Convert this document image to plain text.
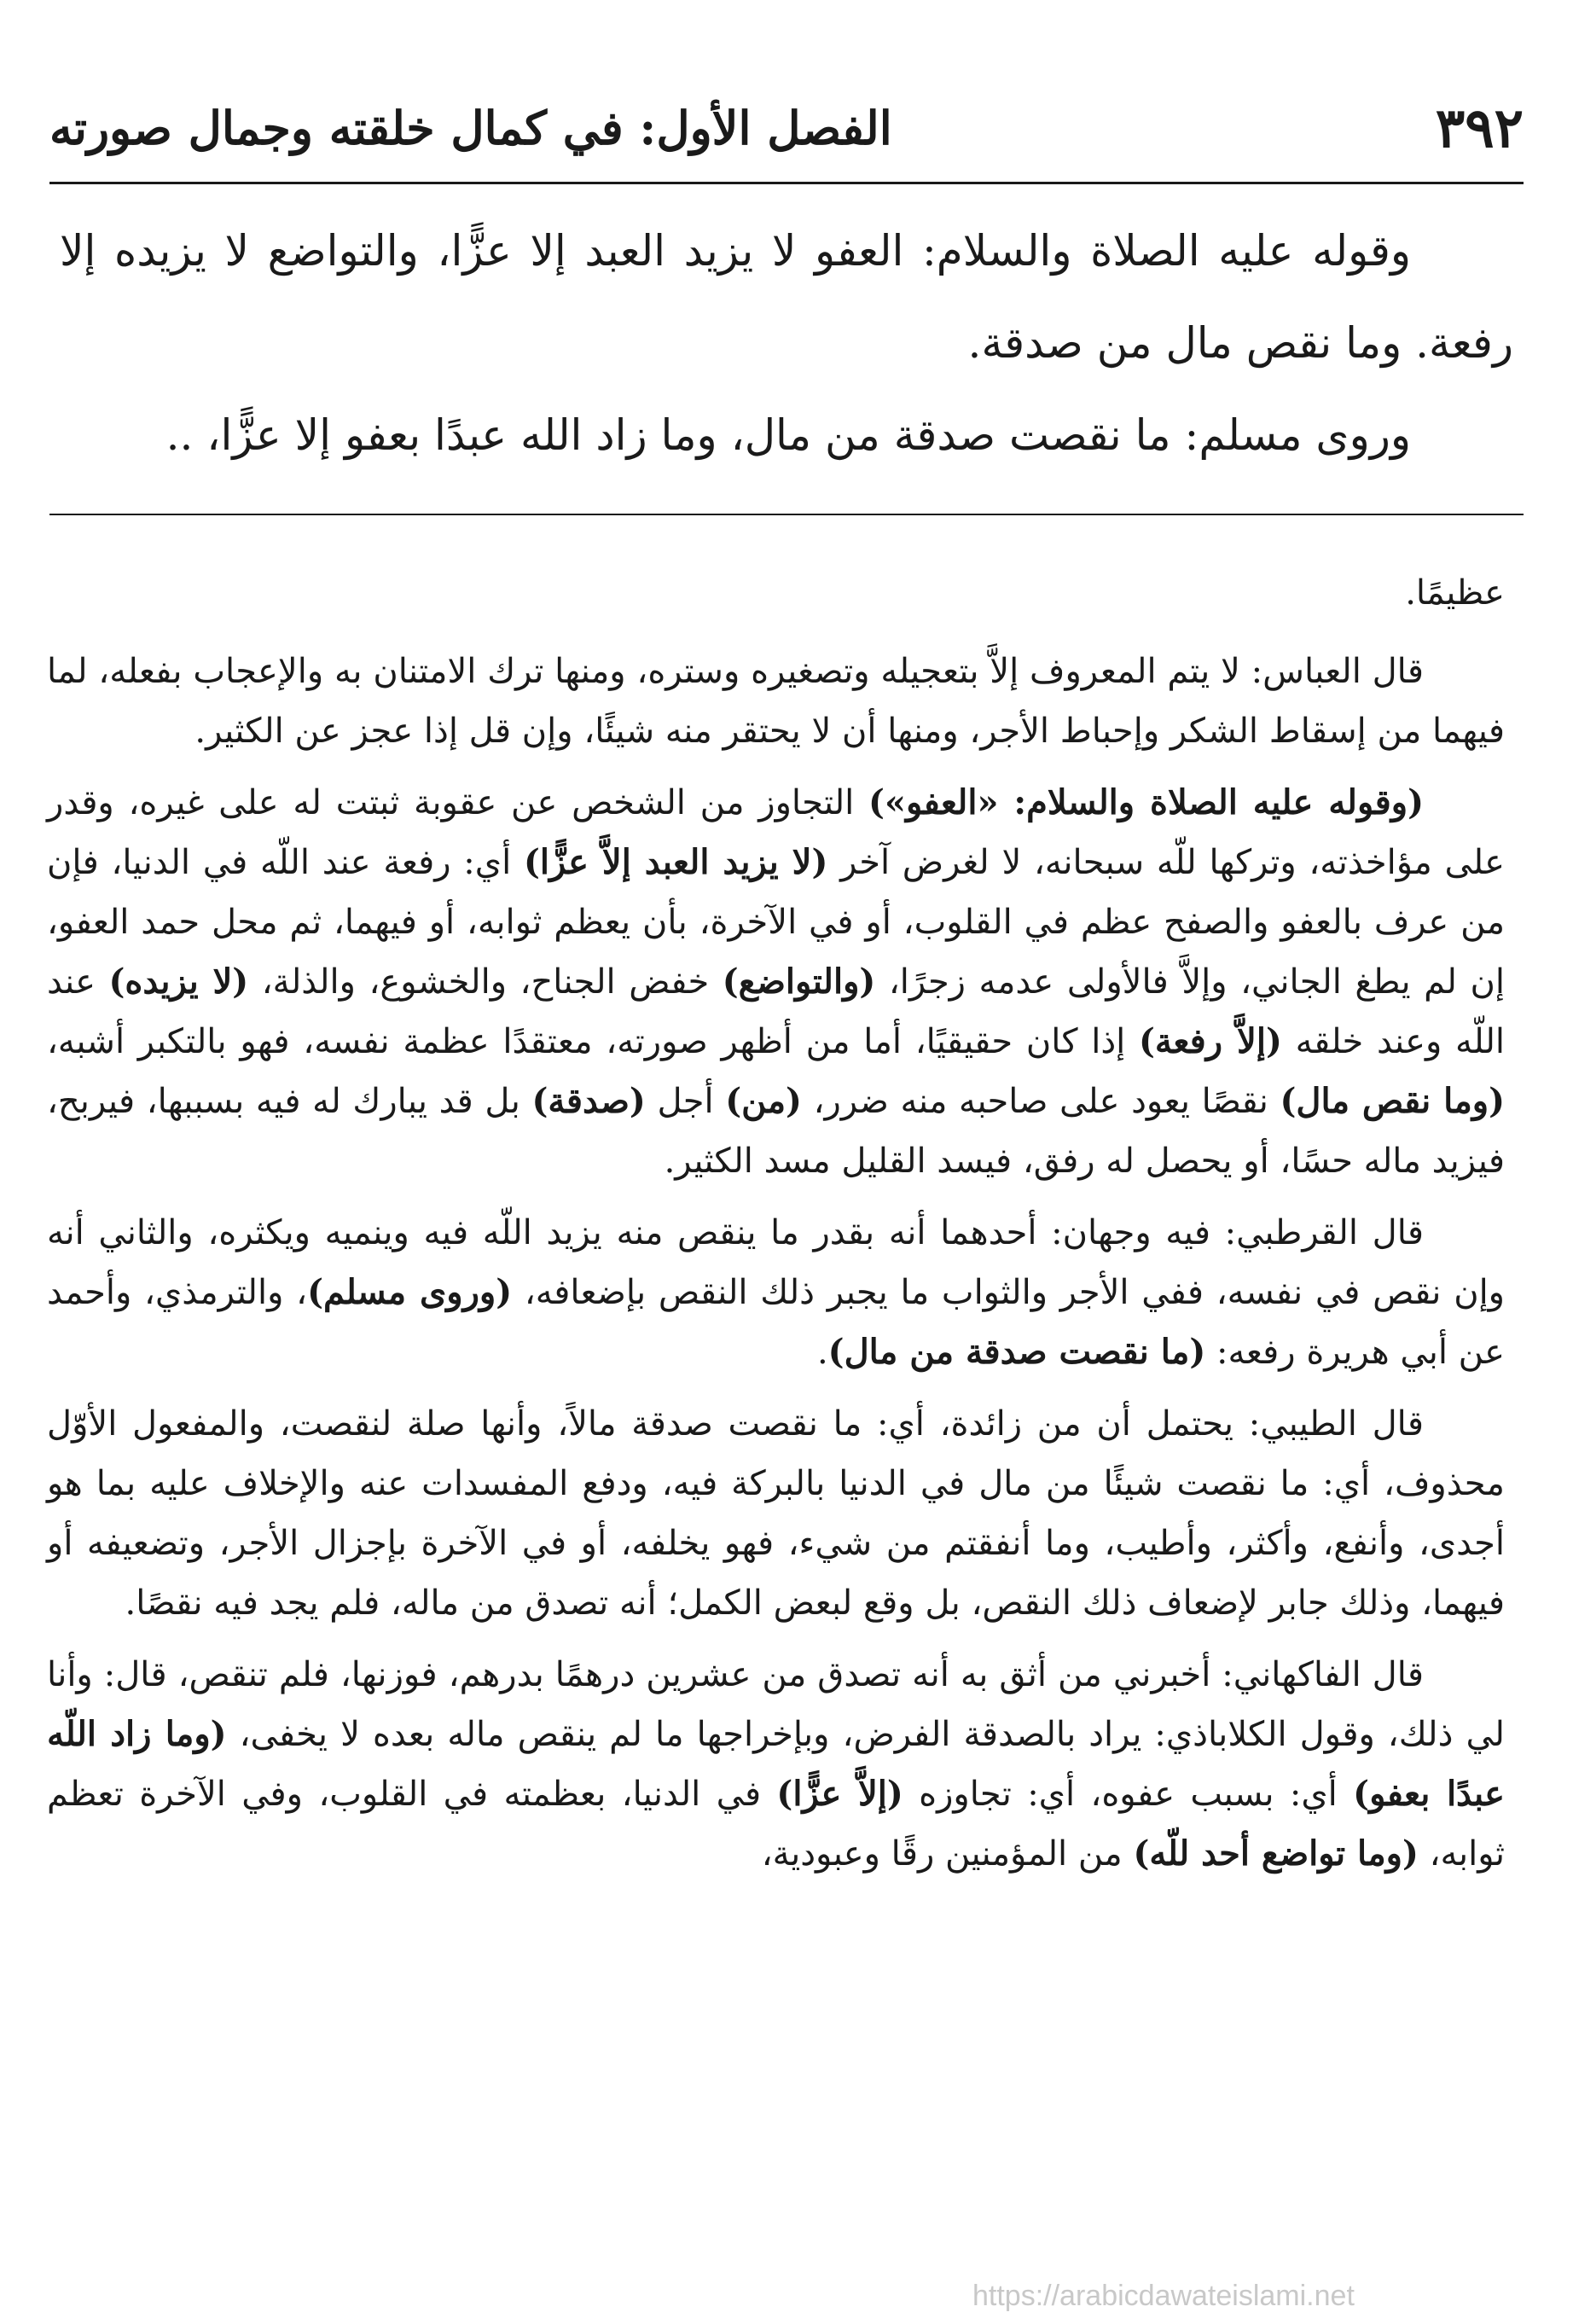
٣٩٢
الفصل الأول: في كمال خلقته وجمال صورته

وقوله عليه الصلاة والسلام: العفو لا يزيد العبد إلا عزًّا، والتواضع لا يزيده إلا رفعة. وما نقص مال من صدقة.

وروى مسلم: ما نقصت صدقة من مال، وما زاد الله عبدًا بعفو إلا عزًّا، ..

عظيمًا.

قال العباس: لا يتم المعروف إلاَّ بتعجيله وتصغيره وستره، ومنها ترك الامتنان به والإعجاب بفعله، لما فيهما من إسقاط الشكر وإحباط الأجر، ومنها أن لا يحتقر منه شيئًا، وإن قل إذا عجز عن الكثير.

(وقوله عليه الصلاة والسلام: «العفو») التجاوز من الشخص عن عقوبة ثبتت له على غيره، وقدر على مؤاخذته، وتركها للّه سبحانه، لا لغرض آخر (لا يزيد العبد إلاَّ عزًّا) أي: رفعة عند اللّه في الدنيا، فإن من عرف بالعفو والصفح عظم في القلوب، أو في الآخرة، بأن يعظم ثوابه، أو فيهما، ثم محل حمد العفو، إن لم يطغ الجاني، وإلاَّ فالأولى عدمه زجرًا، (والتواضع) خفض الجناح، والخشوع، والذلة، (لا يزيده) عند اللّه وعند خلقه (إلاَّ رفعة) إذا كان حقيقيًا، أما من أظهر صورته، معتقدًا عظمة نفسه، فهو بالتكبر أشبه، (وما نقص مال) نقصًا يعود على صاحبه منه ضرر، (من) أجل (صدقة) بل قد يبارك له فيه بسببها، فيربح، فيزيد ماله حسًا، أو يحصل له رفق، فيسد القليل مسد الكثير.

قال القرطبي: فيه وجهان: أحدهما أنه بقدر ما ينقص منه يزيد اللّه فيه وينميه ويكثره، والثاني أنه وإن نقص في نفسه، ففي الأجر والثواب ما يجبر ذلك النقص بإضعافه، (وروى مسلم)، والترمذي، وأحمد عن أبي هريرة رفعه: (ما نقصت صدقة من مال).

قال الطيبي: يحتمل أن من زائدة، أي: ما نقصت صدقة مالاً، وأنها صلة لنقصت، والمفعول الأوّل محذوف، أي: ما نقصت شيئًا من مال في الدنيا بالبركة فيه، ودفع المفسدات عنه والإخلاف عليه بما هو أجدى، وأنفع، وأكثر، وأطيب، وما أنفقتم من شيء، فهو يخلفه، أو في الآخرة بإجزال الأجر، وتضعيفه أو فيهما، وذلك جابر لإضعاف ذلك النقص، بل وقع لبعض الكمل؛ أنه تصدق من ماله، فلم يجد فيه نقصًا.

قال الفاكهاني: أخبرني من أثق به أنه تصدق من عشرين درهمًا بدرهم، فوزنها، فلم تنقص، قال: وأنا لي ذلك، وقول الكلاباذي: يراد بالصدقة الفرض، وبإخراجها ما لم ينقص ماله بعده لا يخفى، (وما زاد اللّه عبدًا بعفو) أي: بسبب عفوه، أي: تجاوزه (إلاَّ عزًّا) في الدنيا، بعظمته في القلوب، وفي الآخرة تعظم ثوابه، (وما تواضع أحد للّه) من المؤمنين رقًا وعبودية،

https://arabicdawateislami.net
